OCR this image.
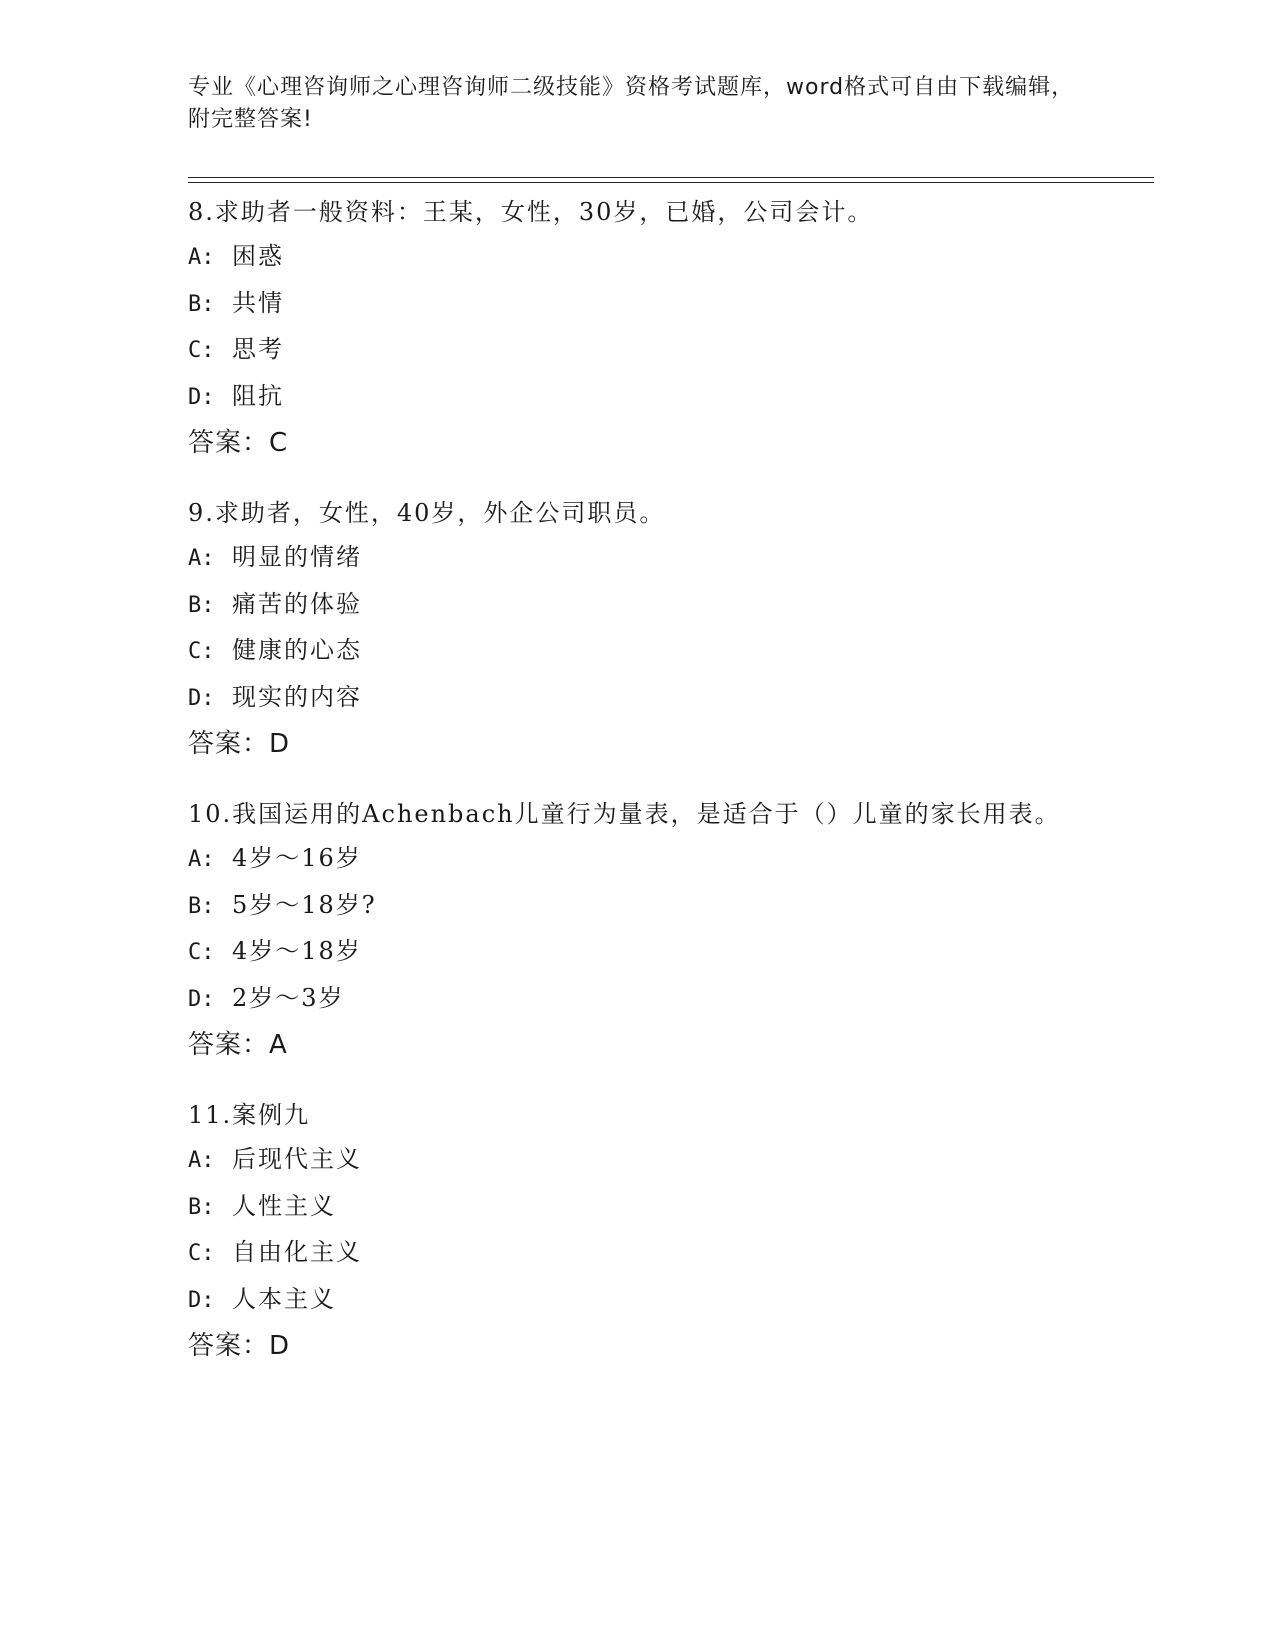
专业《心理咨询师之心理咨询师二级技能》资格考试题库，word格式可自由下载编辑，附完整答案!

8.求助者一般资料：王某，女性，30岁，已婚，公司会计。

A: 困惑
B: 共情
C: 思考
D: 阻抗
答案：C

9.求助者，女性，40岁，外企公司职员。

A: 明显的情绪
B: 痛苦的体验
C: 健康的心态
D: 现实的内容
答案：D

10.我国运用的Achenbach儿童行为量表，是适合于（）儿童的家长用表。

A: 4岁～16岁
B: 5岁～18岁?
C: 4岁～18岁
D: 2岁～3岁
答案：A

11.案例九

A: 后现代主义
B: 人性主义
C: 自由化主义
D: 人本主义
答案：D
